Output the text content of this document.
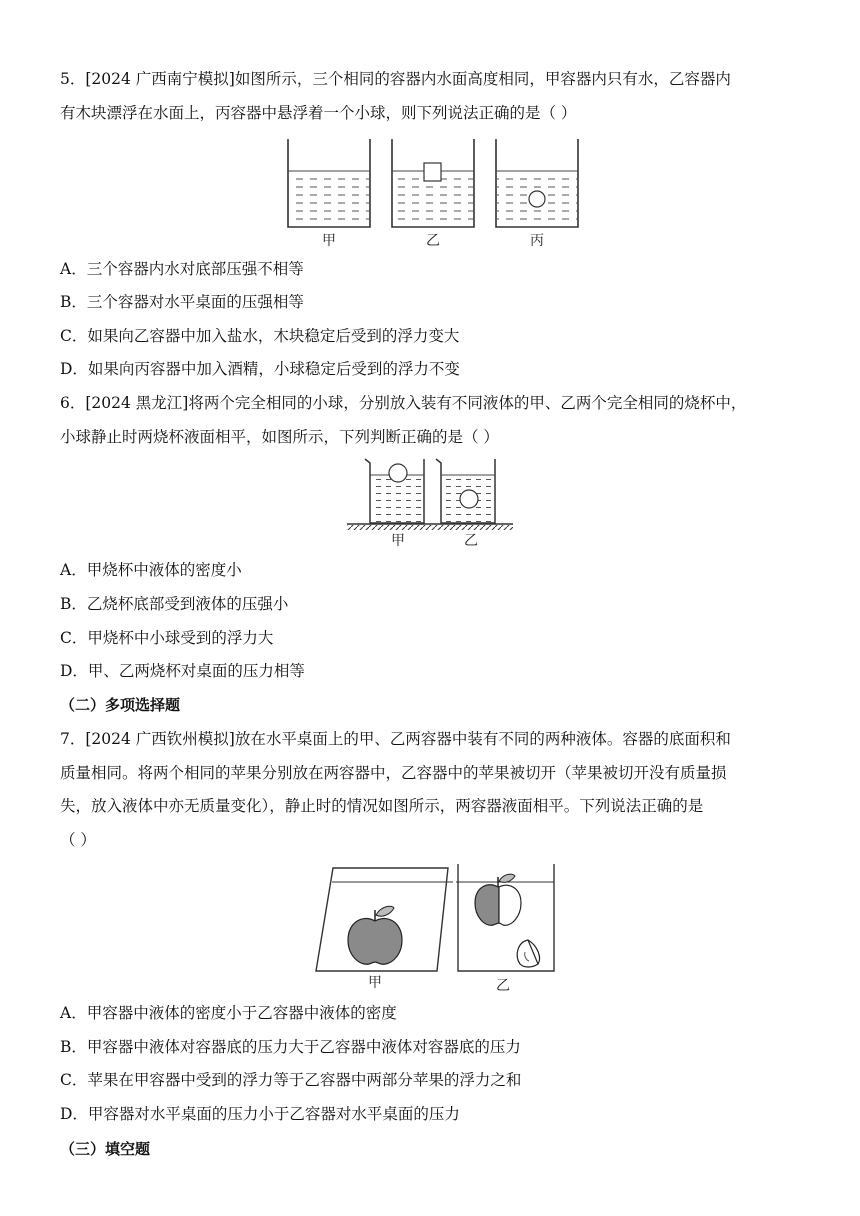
5．[2024 广西南宁模拟]如图所示，三个相同的容器内水面高度相同，甲容器内只有水，乙容器内
有木块漂浮在水面上，丙容器中悬浮着一个小球，则下列说法正确的是（ ）
甲	乙	丙
A．三个容器内水对底部压强不相等
B．三个容器对水平桌面的压强相等
C．如果向乙容器中加入盐水，木块稳定后受到的浮力变大
D．如果向丙容器中加入酒精，小球稳定后受到的浮力不变
6．[2024 黑龙江]将两个完全相同的小球，分别放入装有不同液体的甲、乙两个完全相同的烧杯中，
小球静止时两烧杯液面相平，如图所示，下列判断正确的是（ ）
甲	乙
A．甲烧杯中液体的密度小
B．乙烧杯底部受到液体的压强小
C．甲烧杯中小球受到的浮力大
D．甲、乙两烧杯对桌面的压力相等
（二）多项选择题
7．[2024 广西钦州模拟]放在水平桌面上的甲、乙两容器中装有不同的两种液体。容器的底面积和
质量相同。将两个相同的苹果分别放在两容器中，乙容器中的苹果被切开（苹果被切开没有质量损
失，放入液体中亦无质量变化），静止时的情况如图所示，两容器液面相平。下列说法正确的是
（ ）
甲	乙
A．甲容器中液体的密度小于乙容器中液体的密度
B．甲容器中液体对容器底的压力大于乙容器中液体对容器底的压力
C．苹果在甲容器中受到的浮力等于乙容器中两部分苹果的浮力之和
D．甲容器对水平桌面的压力小于乙容器对水平桌面的压力
（三）填空题
